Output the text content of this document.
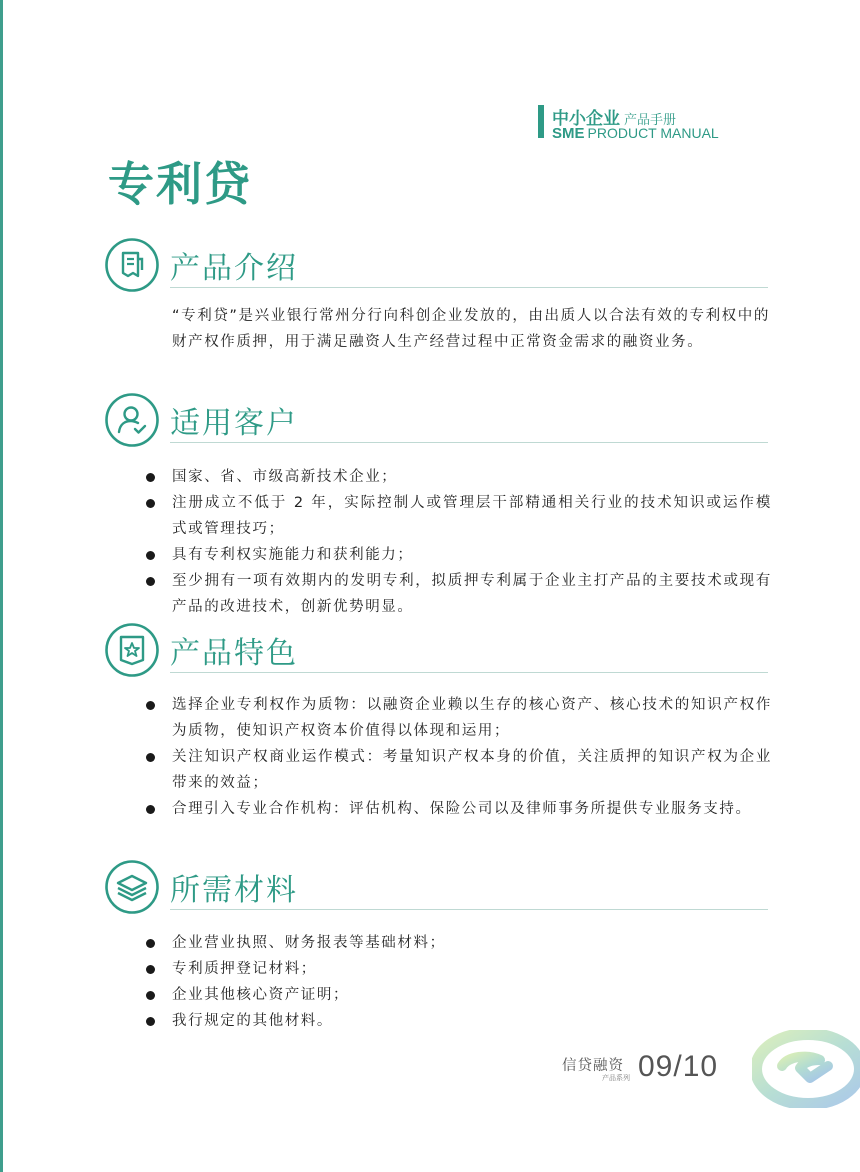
中小企业 产品手册
SME PRODUCT MANUAL
专利贷
产品介绍

“专利贷”是兴业银行常州分行向科创企业发放的，由出质人以合法有效的专利权中的财产权作质押，用于满足融资人生产经营过程中正常资金需求的融资业务。

适用客户
国家、省、市级高新技术企业；
注册成立不低于 2 年，实际控制人或管理层干部精通相关行业的技术知识或运作模式或管理技巧；
具有专利权实施能力和获利能力；
至少拥有一项有效期内的发明专利，拟质押专利属于企业主打产品的主要技术或现有产品的改进技术，创新优势明显。
产品特色
选择企业专利权作为质物：以融资企业赖以生存的核心资产、核心技术的知识产权作为质物，使知识产权资本价值得以体现和运用；
关注知识产权商业运作模式：考量知识产权本身的价值，关注质押的知识产权为企业带来的效益；
合理引入专业合作机构：评估机构、保险公司以及律师事务所提供专业服务支持。
所需材料
企业营业执照、财务报表等基础材料；
专利质押登记材料；
企业其他核心资产证明；
我行规定的其他材料。
信贷融资
产品系列 09/10
